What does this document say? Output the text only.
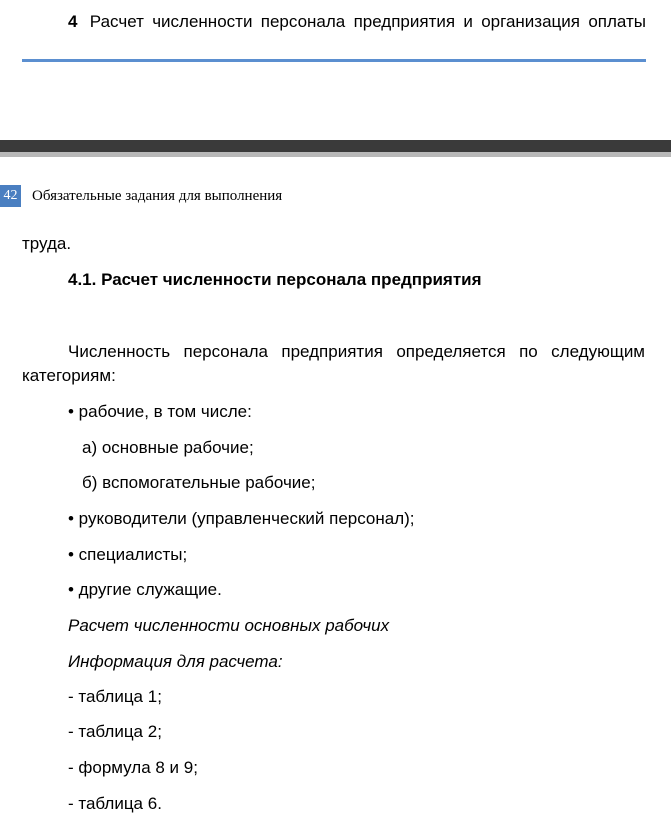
4 Расчет численности персонала предприятия и организация оплаты
42 Обязательные задания для выполнения
труда.
4.1. Расчет численности персонала предприятия
Численность персонала предприятия определяется по следующим
категориям:
• рабочие, в том числе:
а) основные рабочие;
б) вспомогательные рабочие;
• руководители (управленческий персонал);
• специалисты;
• другие служащие.
Расчет численности основных рабочих
Информация для расчета:
- таблица 1;
- таблица 2;
- формула 8 и 9;
- таблица 6.
